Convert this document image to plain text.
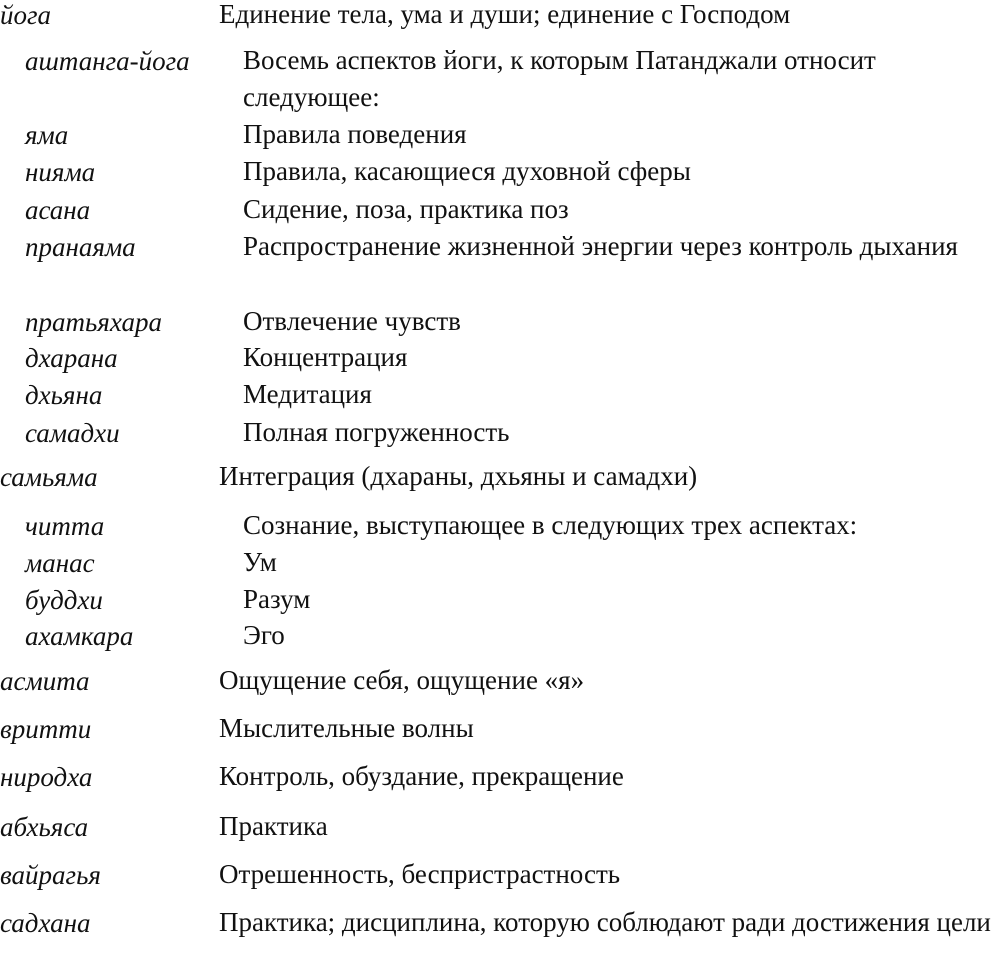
йога	Единение тела, ума и души; единение с Господом
аштанга-йога Восемь аспектов йоги, к которым Патанджали относит следующее:
яма	Правила поведения
нияма	Правила, касающиеся духовной сферы
асана	Сидение, поза, практика поз
пранаяма	Распространение жизненной энергии через контроль дыхания
пратьяхара	Отвлечение чувств
дхарана	Концентрация
дхьяна	Медитация
самадхи	Полная погруженность
самьяма	Интеграция (дхараны, дхьяны и самадхи)
читта	Сознание, выступающее в следующих трех аспектах:
манас	Ум
буддхи	Разум
ахамкара	Эго
асмита	Ощущение себя, ощущение «я»
вритти	Мыслительные волны
ниродха	Контроль, обуздание, прекращение
абхьяса	Практика
вайрагья	Отрешенность, беспристрастность
садхана	Практика; дисциплина, которую соблюдают ради достижения цели
